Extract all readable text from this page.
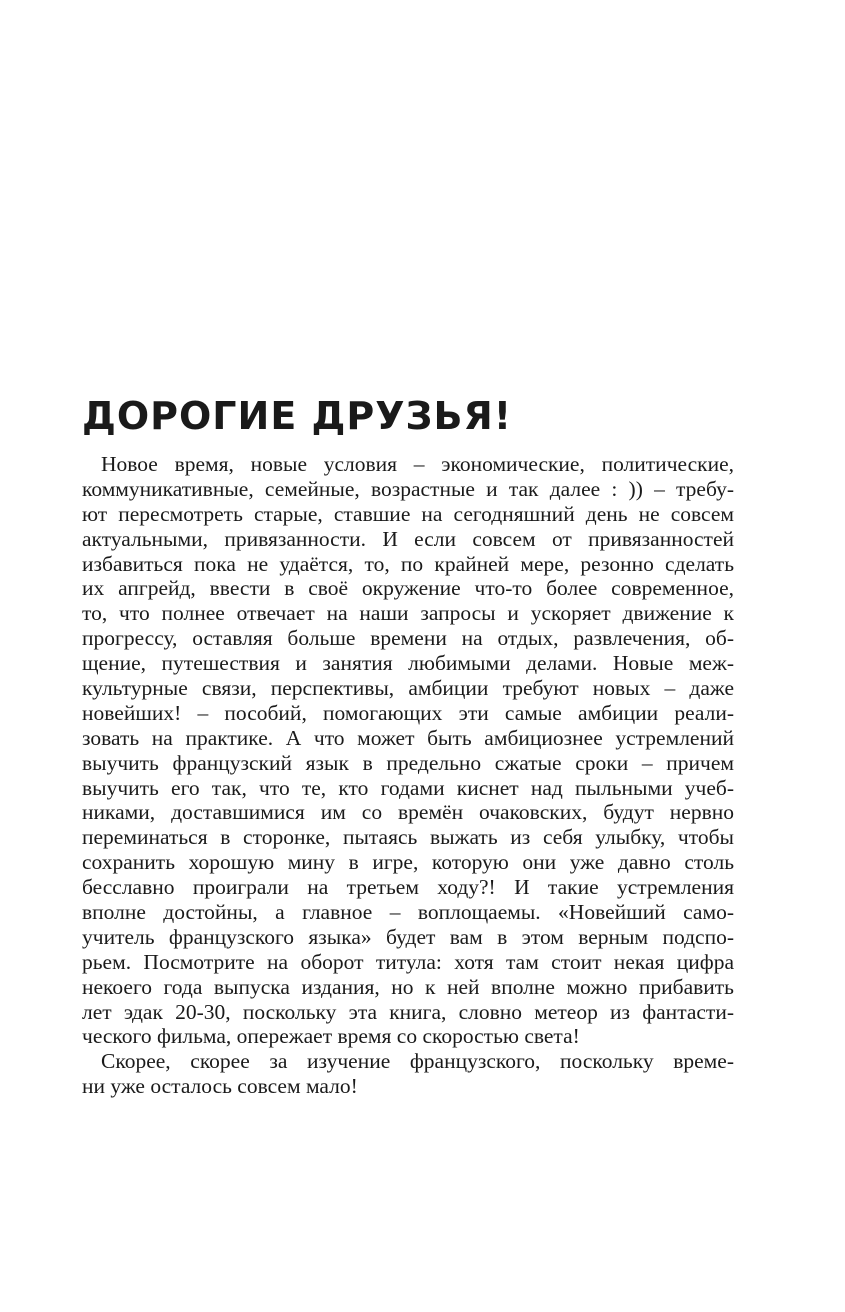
ДОРОГИЕ ДРУЗЬЯ!
Новое время, новые условия – экономические, политические,
коммуникативные, семейные, возрастные и так далее : )) – требу-
ют пересмотреть старые, ставшие на сегодняшний день не совсем
актуальными, привязанности. И если совсем от привязанностей
избавиться пока не удаётся, то, по крайней мере, резонно сделать
их апгрейд, ввести в своё окружение что-то более современное,
то, что полнее отвечает на наши запросы и ускоряет движение к
прогрессу, оставляя больше времени на отдых, развлечения, об-
щение, путешествия и занятия любимыми делами. Новые меж-
культурные связи, перспективы, амбиции требуют новых – даже
новейших! – пособий, помогающих эти самые амбиции реали-
зовать на практике. А что может быть амбициознее устремлений
выучить французский язык в предельно сжатые сроки – причем
выучить его так, что те, кто годами киснет над пыльными учеб-
никами, доставшимися им со времён очаковских, будут нервно
переминаться в сторонке, пытаясь выжать из себя улыбку, чтобы
сохранить хорошую мину в игре, которую они уже давно столь
бесславно проиграли на третьем ходу?! И такие устремления
вполне достойны, а главное – воплощаемы. «Новейший само-
учитель французского языка» будет вам в этом верным подспо-
рьем. Посмотрите на оборот титула: хотя там стоит некая цифра
некоего года выпуска издания, но к ней вполне можно прибавить
лет эдак 20-30, поскольку эта книга, словно метеор из фантасти-
ческого фильма, опережает время со скоростью света!
Скорее, скорее за изучение французского, поскольку време-
ни уже осталось совсем мало!
